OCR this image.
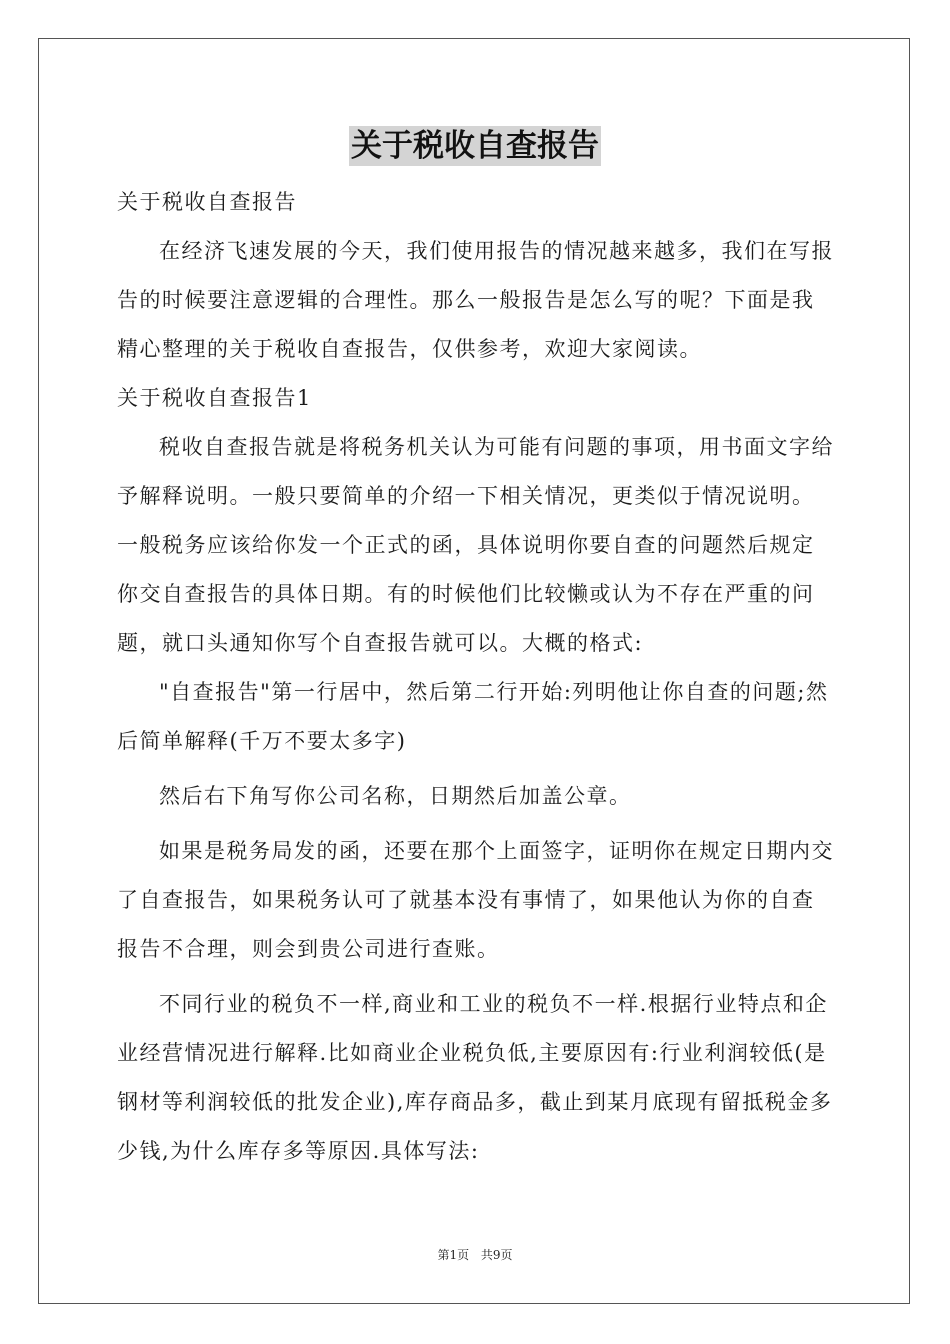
关于税收自查报告

关于税收自查报告

在经济飞速发展的今天，我们使用报告的情况越来越多，我们在写报告的时候要注意逻辑的合理性。那么一般报告是怎么写的呢？下面是我精心整理的关于税收自查报告，仅供参考，欢迎大家阅读。

关于税收自查报告1

税收自查报告就是将税务机关认为可能有问题的事项，用书面文字给予解释说明。一般只要简单的介绍一下相关情况，更类似于情况说明。一般税务应该给你发一个正式的函，具体说明你要自查的问题然后规定你交自查报告的具体日期。有的时候他们比较懒或认为不存在严重的问题，就口头通知你写个自查报告就可以。大概的格式:

"自查报告"第一行居中，然后第二行开始:列明他让你自查的问题;然后简单解释(千万不要太多字)

然后右下角写你公司名称，日期然后加盖公章。

如果是税务局发的函，还要在那个上面签字，证明你在规定日期内交了自查报告，如果税务认可了就基本没有事情了，如果他认为你的自查报告不合理，则会到贵公司进行查账。

不同行业的税负不一样,商业和工业的税负不一样.根据行业特点和企业经营情况进行解释.比如商业企业税负低,主要原因有:行业利润较低(是钢材等利润较低的批发企业),库存商品多，截止到某月底现有留抵税金多少钱,为什么库存多等原因.具体写法:

第1页 共9页
